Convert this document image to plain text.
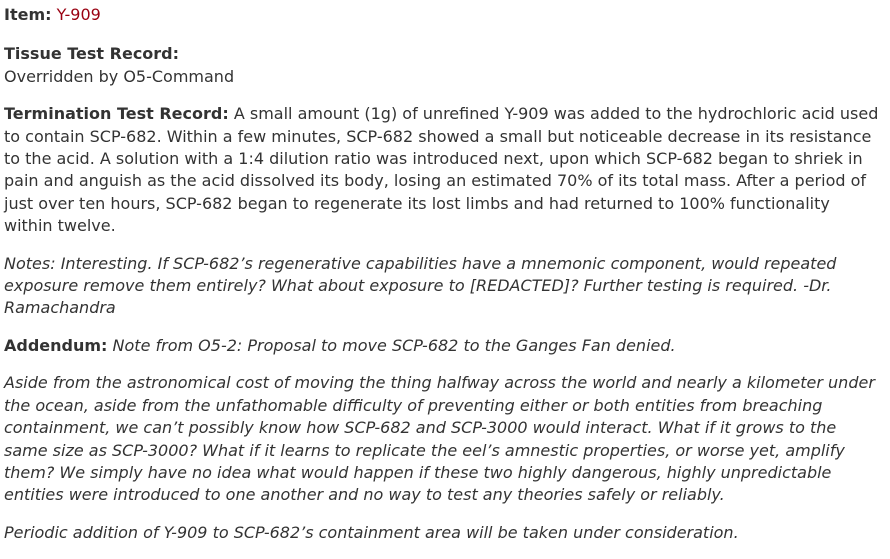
Item: Y-909

Tissue Test Record:
Overridden by O5-Command

Termination Test Record: A small amount (1g) of unrefined Y-909 was added to the hydrochloric acid used to contain SCP-682. Within a few minutes, SCP-682 showed a small but noticeable decrease in its resistance to the acid. A solution with a 1:4 dilution ratio was introduced next, upon which SCP-682 began to shriek in pain and anguish as the acid dissolved its body, losing an estimated 70% of its total mass. After a period of just over ten hours, SCP-682 began to regenerate its lost limbs and had returned to 100% functionality within twelve.

Notes: Interesting. If SCP-682’s regenerative capabilities have a mnemonic component, would repeated exposure remove them entirely? What about exposure to [REDACTED]? Further testing is required. -Dr. Ramachandra

Addendum: Note from O5-2: Proposal to move SCP-682 to the Ganges Fan denied.

Aside from the astronomical cost of moving the thing halfway across the world and nearly a kilometer under the ocean, aside from the unfathomable difficulty of preventing either or both entities from breaching containment, we can’t possibly know how SCP-682 and SCP-3000 would interact. What if it grows to the same size as SCP-3000? What if it learns to replicate the eel’s amnestic properties, or worse yet, amplify them? We simply have no idea what would happen if these two highly dangerous, highly unpredictable entities were introduced to one another and no way to test any theories safely or reliably.

Periodic addition of Y-909 to SCP-682’s containment area will be taken under consideration.
